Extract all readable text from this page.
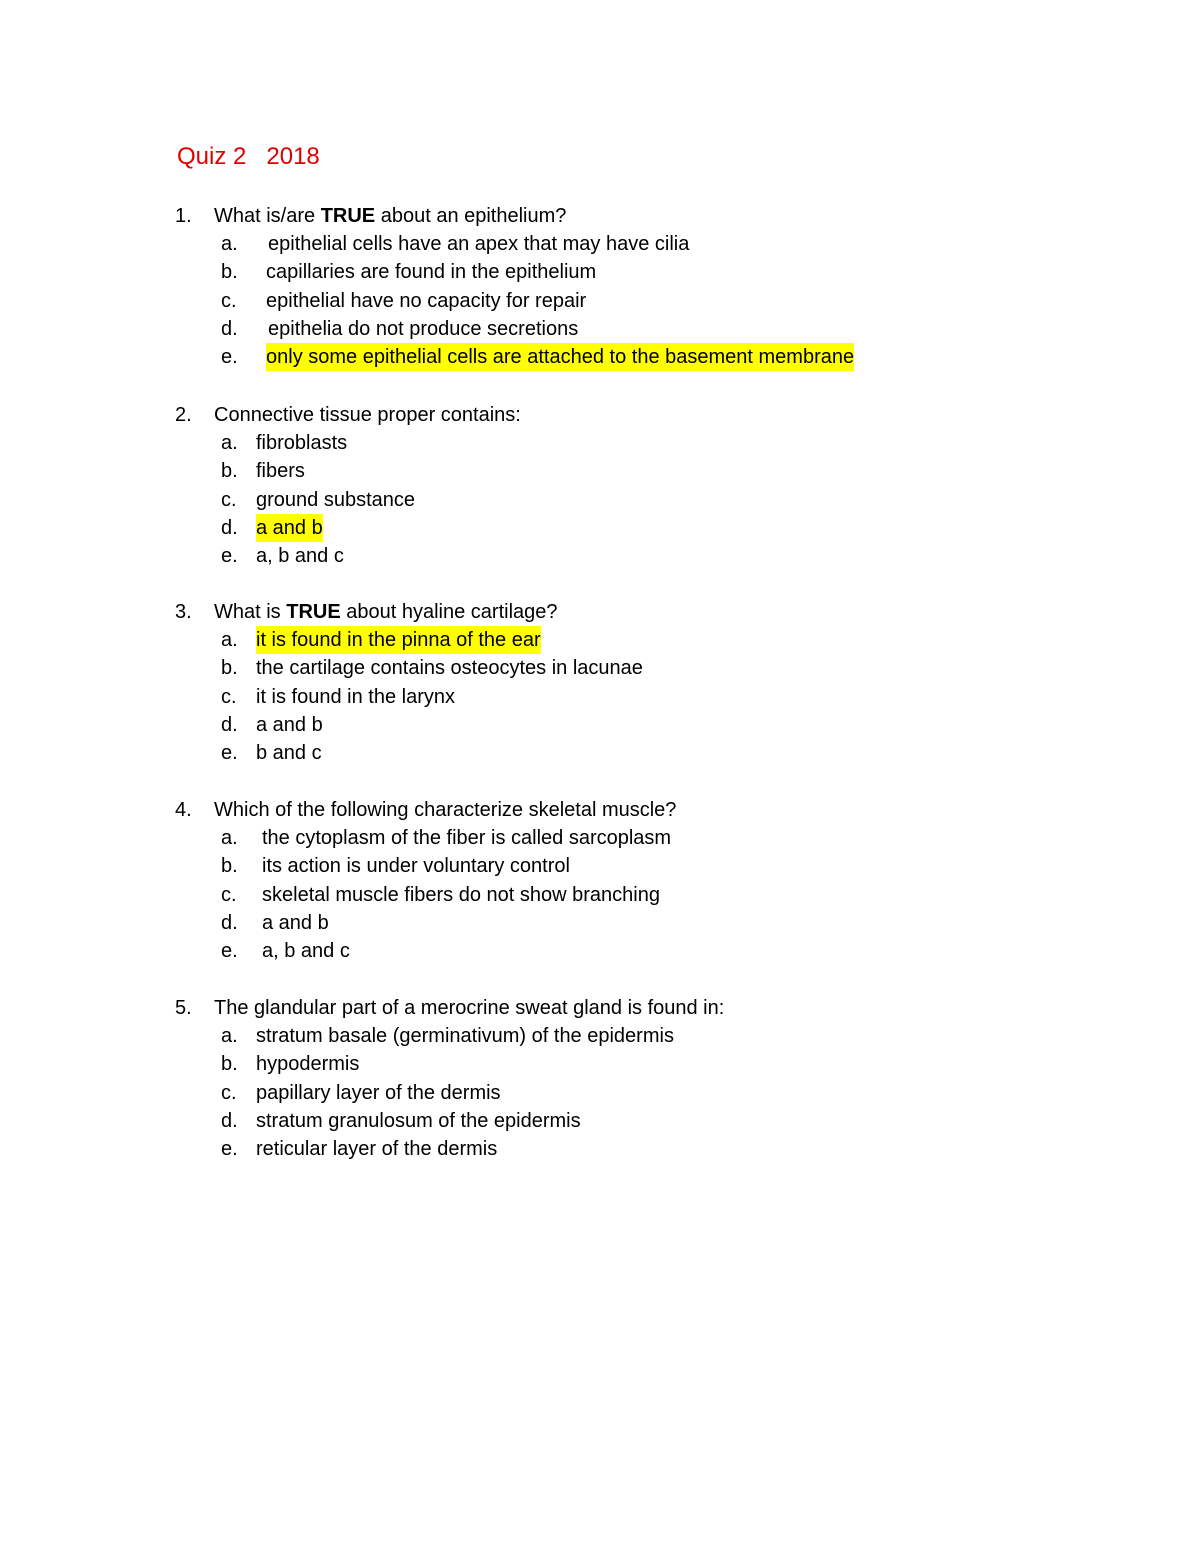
Quiz 2   2018
1. What is/are TRUE about an epithelium?
a. epithelial cells have an apex that may have cilia
b. capillaries are found in the epithelium
c. epithelial have no capacity for repair
d. epithelia do not produce secretions
e. only some epithelial cells are attached to the basement membrane
2. Connective tissue proper contains:
a. fibroblasts
b. fibers
c. ground substance
d. a and b
e. a, b and c
3. What is TRUE about hyaline cartilage?
a. it is found in the pinna of the ear
b. the cartilage contains osteocytes in lacunae
c. it is found in the larynx
d. a and b
e. b and c
4. Which of the following characterize skeletal muscle?
a. the cytoplasm of the fiber is called sarcoplasm
b. its action is under voluntary control
c. skeletal muscle fibers do not show branching
d. a and b
e. a, b and c
5. The glandular part of a merocrine sweat gland is found in:
a. stratum basale (germinativum) of the epidermis
b. hypodermis
c. papillary layer of the dermis
d. stratum granulosum of the epidermis
e. reticular layer of the dermis
